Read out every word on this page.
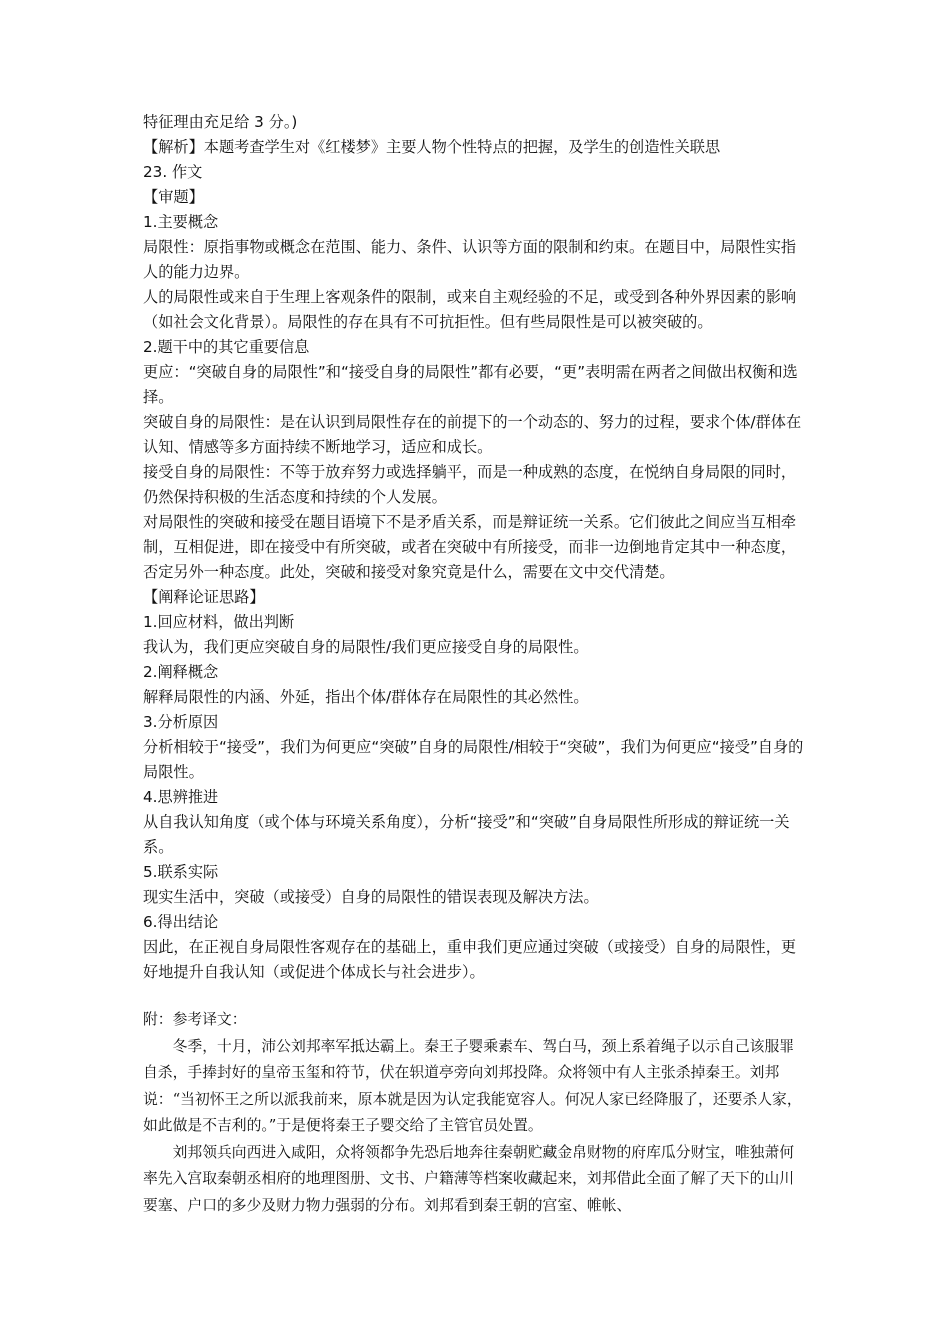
特征理由充足给 3 分。)

【解析】本题考查学生对《红楼梦》主要人物个性特点的把握，及学生的创造性关联思

23. 作文

【审题】

1.主要概念

局限性：原指事物或概念在范围、能力、条件、认识等方面的限制和约束。在题目中，局限性实指人的能力边界。

人的局限性或来自于生理上客观条件的限制，或来自主观经验的不足，或受到各种外界因素的影响（如社会文化背景）。局限性的存在具有不可抗拒性。但有些局限性是可以被突破的。

2.题干中的其它重要信息

更应：“突破自身的局限性”和“接受自身的局限性”都有必要，“更”表明需在两者之间做出权衡和选择。

突破自身的局限性：是在认识到局限性存在的前提下的一个动态的、努力的过程，要求个体/群体在认知、情感等多方面持续不断地学习，适应和成长。

接受自身的局限性：不等于放弃努力或选择躺平，而是一种成熟的态度，在悦纳自身局限的同时，仍然保持积极的生活态度和持续的个人发展。

对局限性的突破和接受在题目语境下不是矛盾关系，而是辩证统一关系。它们彼此之间应当互相牵制，互相促进，即在接受中有所突破，或者在突破中有所接受，而非一边倒地肯定其中一种态度，否定另外一种态度。此处，突破和接受对象究竟是什么，需要在文中交代清楚。

【阐释论证思路】

1.回应材料，做出判断

我认为，我们更应突破自身的局限性/我们更应接受自身的局限性。

2.阐释概念

解释局限性的内涵、外延，指出个体/群体存在局限性的其必然性。

3.分析原因

分析相较于“接受”，我们为何更应“突破”自身的局限性/相较于“突破”，我们为何更应“接受”自身的局限性。

4.思辨推进

从自我认知角度（或个体与环境关系角度），分析“接受”和“突破”自身局限性所形成的辩证统一关系。

5.联系实际

现实生活中，突破（或接受）自身的局限性的错误表现及解决方法。

6.得出结论

因此，在正视自身局限性客观存在的基础上，重申我们更应通过突破（或接受）自身的局限性，更好地提升自我认知（或促进个体成长与社会进步）。

附：参考译文：

冬季，十月，沛公刘邦率军抵达霸上。秦王子婴乘素车、驾白马，颈上系着绳子以示自己该服罪自杀，手捧封好的皇帝玉玺和符节，伏在轵道亭旁向刘邦投降。众将领中有人主张杀掉秦王。刘邦说：“当初怀王之所以派我前来，原本就是因为认定我能宽容人。何况人家已经降服了，还要杀人家，如此做是不吉利的。”于是便将秦王子婴交给了主管官员处置。

刘邦领兵向西进入咸阳，众将领都争先恐后地奔往秦朝贮藏金帛财物的府库瓜分财宝，唯独萧何率先入宫取秦朝丞相府的地理图册、文书、户籍薄等档案收藏起来，刘邦借此全面了解了天下的山川要塞、户口的多少及财力物力强弱的分布。刘邦看到秦王朝的宫室、帷帐、
